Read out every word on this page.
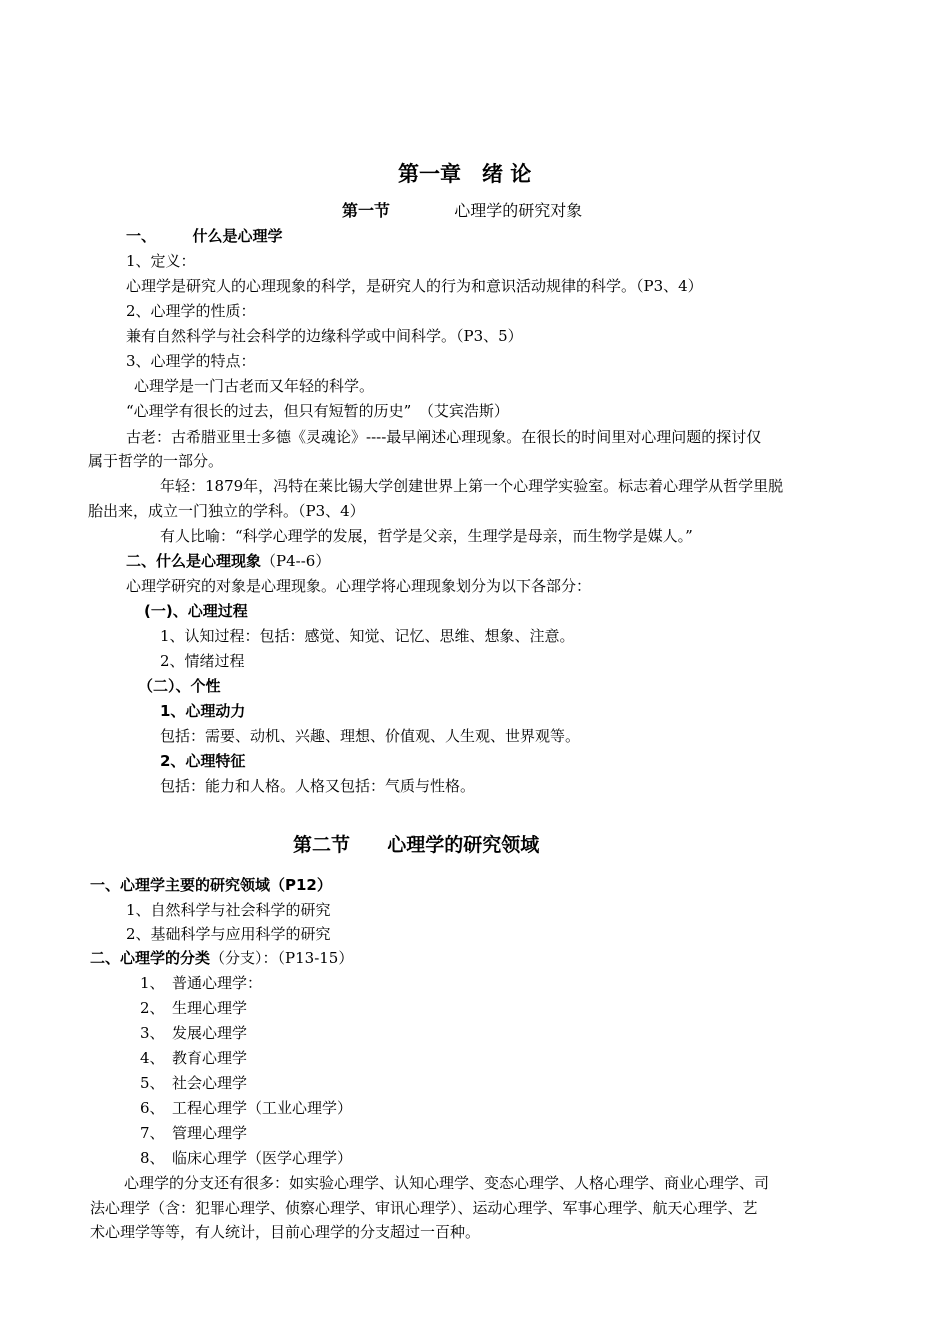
第一章　绪 论
第一节	心理学的研究对象
一、 什么是心理学
1、定义：
心理学是研究人的心理现象的科学，是研究人的行为和意识活动规律的科学。（P3、4）
2、心理学的性质：
兼有自然科学与社会科学的边缘科学或中间科学。（P3、5）
3、心理学的特点：
心理学是一门古老而又年轻的科学。
“心理学有很长的过去，但只有短暂的历史”　（艾宾浩斯）
古老：古希腊亚里士多德《灵魂论》----最早阐述心理现象。在很长的时间里对心理问题的探讨仅
属于哲学的一部分。
年轻：1879年，冯特在莱比锡大学创建世界上第一个心理学实验室。标志着心理学从哲学里脱
胎出来，成立一门独立的学科。（P3、4）
有人比喻：“科学心理学的发展，哲学是父亲，生理学是母亲，而生物学是媒人。”
二、什么是心理现象（P4--6）
心理学研究的对象是心理现象。心理学将心理现象划分为以下各部分：
(一)、心理过程
1、认知过程：包括：感觉、知觉、记忆、思维、想象、注意。
2、情绪过程
（二）、个性
1、心理动力
包括：需要、动机、兴趣、理想、价值观、人生观、世界观等。
2、心理特征
包括：能力和人格。人格又包括：气质与性格。
第二节 心理学的研究领域
一、心理学主要的研究领域（P12）
1、自然科学与社会科学的研究
2、基础科学与应用科学的研究
二、心理学的分类（分支）：（P13-15）
1、　普通心理学：
2、　生理心理学
3、　发展心理学
4、　教育心理学
5、　社会心理学
6、　工程心理学（工业心理学）
7、　管理心理学
8、　临床心理学（医学心理学）
心理学的分支还有很多：如实验心理学、认知心理学、变态心理学、人格心理学、商业心理学、司
法心理学（含：犯罪心理学、侦察心理学、审讯心理学）、运动心理学、军事心理学、航天心理学、艺
术心理学等等，有人统计，目前心理学的分支超过一百种。
